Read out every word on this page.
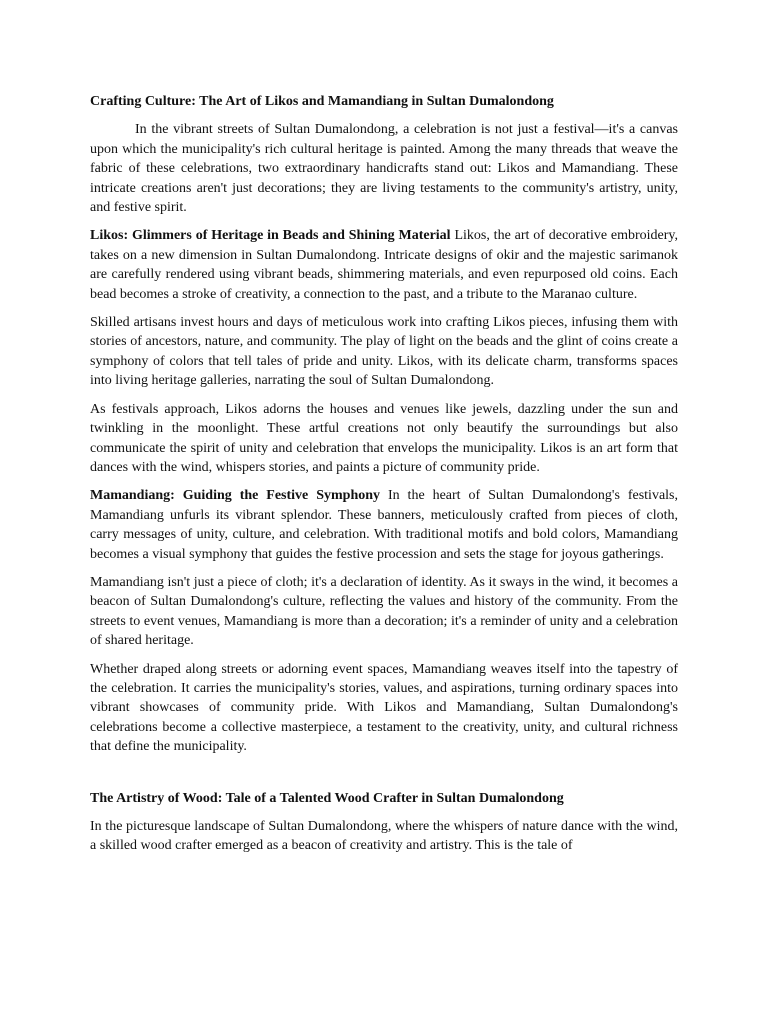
Crafting Culture: The Art of Likos and Mamandiang in Sultan Dumalondong

In the vibrant streets of Sultan Dumalondong, a celebration is not just a festival—it's a canvas upon which the municipality's rich cultural heritage is painted. Among the many threads that weave the fabric of these celebrations, two extraordinary handicrafts stand out: Likos and Mamandiang. These intricate creations aren't just decorations; they are living testaments to the community's artistry, unity, and festive spirit.

Likos: Glimmers of Heritage in Beads and Shining Material Likos, the art of decorative embroidery, takes on a new dimension in Sultan Dumalondong. Intricate designs of okir and the majestic sarimanok are carefully rendered using vibrant beads, shimmering materials, and even repurposed old coins. Each bead becomes a stroke of creativity, a connection to the past, and a tribute to the Maranao culture.

Skilled artisans invest hours and days of meticulous work into crafting Likos pieces, infusing them with stories of ancestors, nature, and community. The play of light on the beads and the glint of coins create a symphony of colors that tell tales of pride and unity. Likos, with its delicate charm, transforms spaces into living heritage galleries, narrating the soul of Sultan Dumalondong.

As festivals approach, Likos adorns the houses and venues like jewels, dazzling under the sun and twinkling in the moonlight. These artful creations not only beautify the surroundings but also communicate the spirit of unity and celebration that envelops the municipality. Likos is an art form that dances with the wind, whispers stories, and paints a picture of community pride.

Mamandiang: Guiding the Festive Symphony In the heart of Sultan Dumalondong's festivals, Mamandiang unfurls its vibrant splendor. These banners, meticulously crafted from pieces of cloth, carry messages of unity, culture, and celebration. With traditional motifs and bold colors, Mamandiang becomes a visual symphony that guides the festive procession and sets the stage for joyous gatherings.

Mamandiang isn't just a piece of cloth; it's a declaration of identity. As it sways in the wind, it becomes a beacon of Sultan Dumalondong's culture, reflecting the values and history of the community. From the streets to event venues, Mamandiang is more than a decoration; it's a reminder of unity and a celebration of shared heritage.

Whether draped along streets or adorning event spaces, Mamandiang weaves itself into the tapestry of the celebration. It carries the municipality's stories, values, and aspirations, turning ordinary spaces into vibrant showcases of community pride. With Likos and Mamandiang, Sultan Dumalondong's celebrations become a collective masterpiece, a testament to the creativity, unity, and cultural richness that define the municipality.

The Artistry of Wood: Tale of a Talented Wood Crafter in Sultan Dumalondong

In the picturesque landscape of Sultan Dumalondong, where the whispers of nature dance with the wind, a skilled wood crafter emerged as a beacon of creativity and artistry. This is the tale of
